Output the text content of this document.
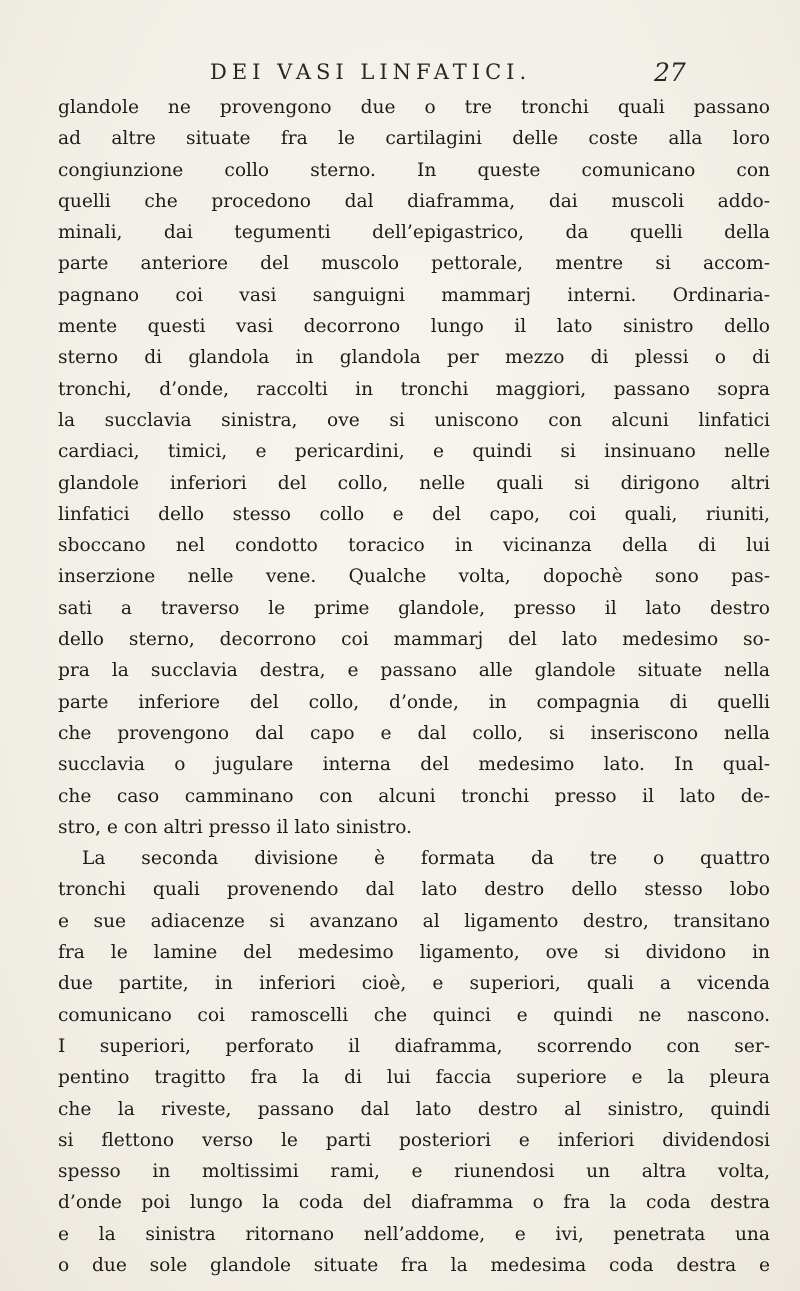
DEI VASI LINFATICI.	27
glandole ne provengono due o tre tronchi quali passano
ad altre situate fra le cartilagini delle coste alla loro
congiunzione collo sterno. In queste comunicano con
quelli che procedono dal diaframma, dai muscoli addo-
minali, dai tegumenti dell’epigastrico, da quelli della
parte anteriore del muscolo pettorale, mentre si accom-
pagnano coi vasi sanguigni mammarj interni. Ordinaria-
mente questi vasi decorrono lungo il lato sinistro dello
sterno di glandola in glandola per mezzo di plessi o di
tronchi, d’onde, raccolti in tronchi maggiori, passano sopra
la succlavia sinistra, ove si uniscono con alcuni linfatici
cardiaci, timici, e pericardini, e quindi si insinuano nelle
glandole inferiori del collo, nelle quali si dirigono altri
linfatici dello stesso collo e del capo, coi quali, riuniti,
sboccano nel condotto toracico in vicinanza della di lui
inserzione nelle vene. Qualche volta, dopochè sono pas-
sati a traverso le prime glandole, presso il lato destro
dello sterno, decorrono coi mammarj del lato medesimo so-
pra la succlavia destra, e passano alle glandole situate nella
parte inferiore del collo, d’onde, in compagnia di quelli
che provengono dal capo e dal collo, si inseriscono nella
succlavia o jugulare interna del medesimo lato. In qual-
che caso camminano con alcuni tronchi presso il lato de-
stro, e con altri presso il lato sinistro.
La seconda divisione è formata da tre o quattro
tronchi quali provenendo dal lato destro dello stesso lobo
e sue adiacenze si avanzano al ligamento destro, transitano
fra le lamine del medesimo ligamento, ove si dividono in
due partite, in inferiori cioè, e superiori, quali a vicenda
comunicano coi ramoscelli che quinci e quindi ne nascono.
I superiori, perforato il diaframma, scorrendo con ser-
pentino tragitto fra la di lui faccia superiore e la pleura
che la riveste, passano dal lato destro al sinistro, quindi
si flettono verso le parti posteriori e inferiori dividendosi
spesso in moltissimi rami, e riunendosi un altra volta,
d’onde poi lungo la coda del diaframma o fra la coda destra
e la sinistra ritornano nell’addome, e ivi, penetrata una
o due sole glandole situate fra la medesima coda destra e
